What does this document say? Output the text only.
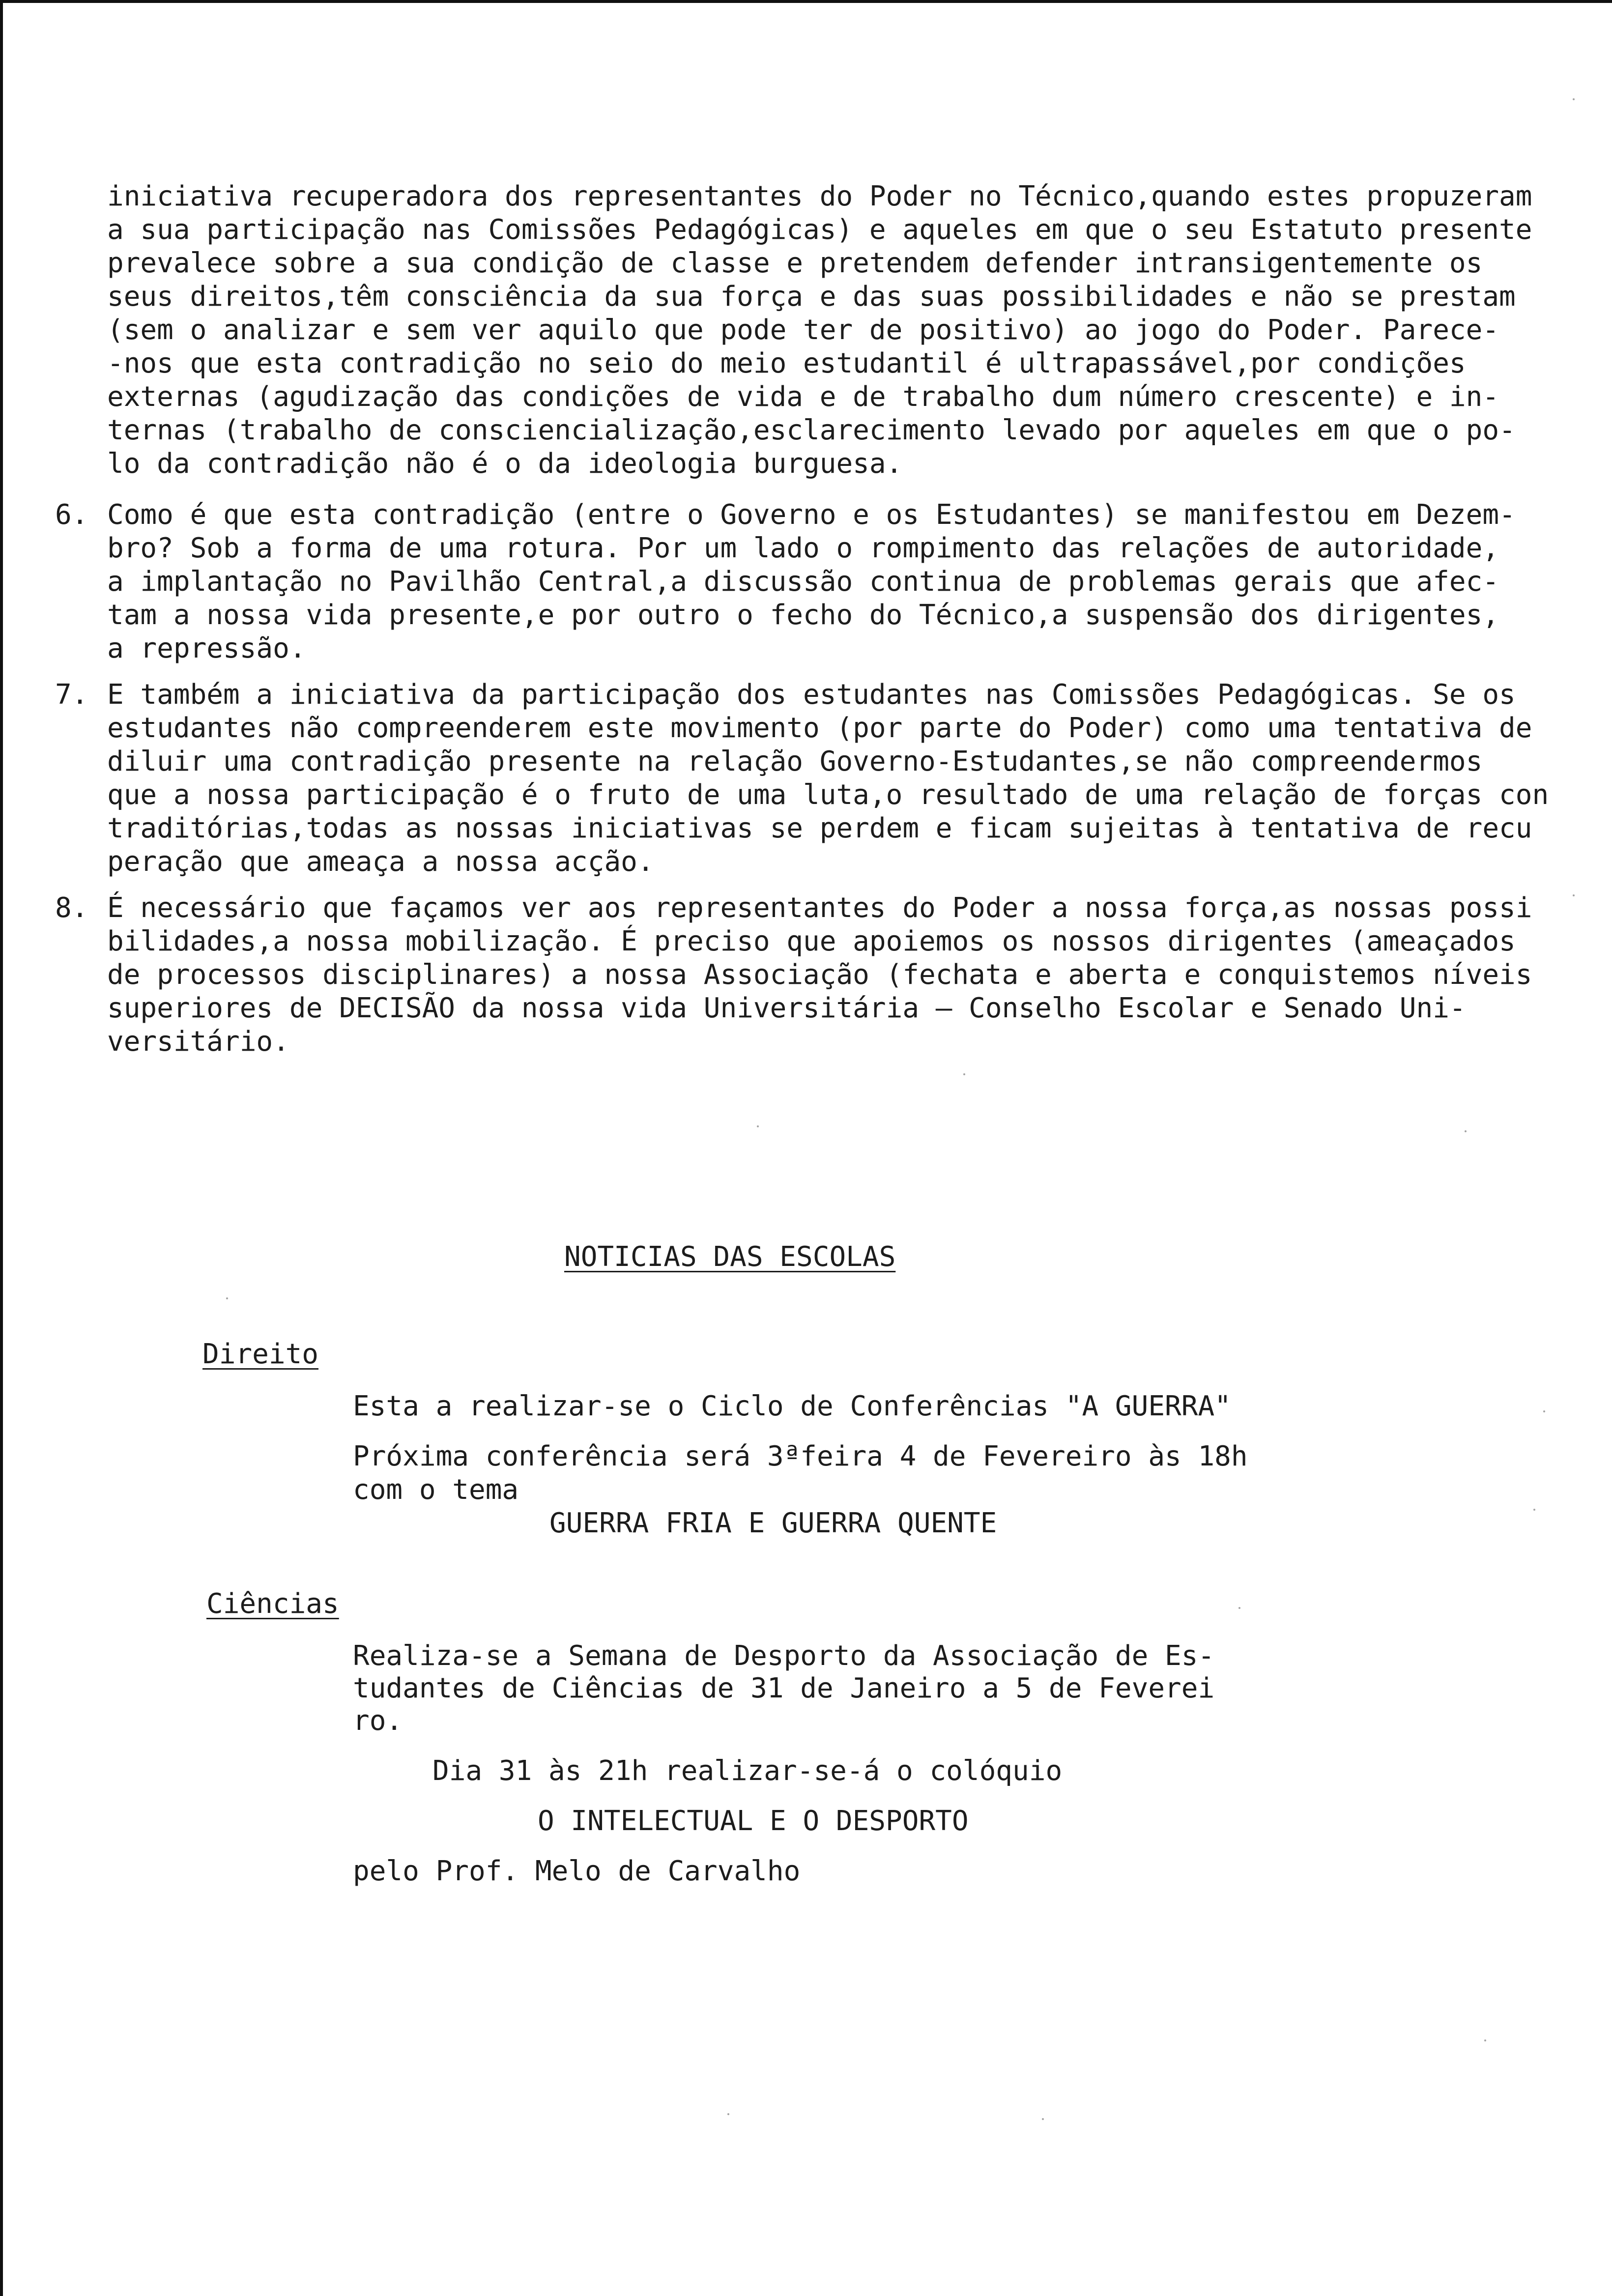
iniciativa recuperadora dos representantes do Poder no Técnico,quando estes propuzeram
a sua participação nas Comissões Pedagógicas) e aqueles em que o seu Estatuto presente
prevalece sobre a sua condição de classe e pretendem defender intransigentemente os
seus direitos,têm consciência da sua força e das suas possibilidades e não se prestam
(sem o analizar e sem ver aquilo que pode ter de positivo) ao jogo do Poder. Parece-
-nos que esta contradição no seio do meio estudantil é ultrapassável,por condições
externas (agudização das condições de vida e de trabalho dum número crescente) e in-
ternas (trabalho de consciencialização,esclarecimento levado por aqueles em que o po-
lo da contradição não é o da ideologia burguesa.
6. Como é que esta contradição (entre o Governo e os Estudantes) se manifestou em Dezem-
bro? Sob a forma de uma rotura. Por um lado o rompimento das relações de autoridade,
a implantação no Pavilhão Central,a discussão continua de problemas gerais que afec-
tam a nossa vida presente,e por outro o fecho do Técnico,a suspensão dos dirigentes,
a repressão.
7. E também a iniciativa da participação dos estudantes nas Comissões Pedagógicas. Se os
estudantes não compreenderem este movimento (por parte do Poder) como uma tentativa de
diluir uma contradição presente na relação Governo-Estudantes,se não compreendermos
que a nossa participação é o fruto de uma luta,o resultado de uma relação de forças con
traditórias,todas as nossas iniciativas se perdem e ficam sujeitas à tentativa de recu
peração que ameaça a nossa acção.
8. É necessário que façamos ver aos representantes do Poder a nossa força,as nossas possi
bilidades,a nossa mobilização. É preciso que apoiemos os nossos dirigentes (ameaçados
de processos disciplinares) a nossa Associação (fechata e aberta e conquistemos níveis
superiores de DECISÃO da nossa vida Universitária — Conselho Escolar e Senado Uni-
versitário.
NOTICIAS DAS ESCOLAS
Direito
Esta a realizar-se o Ciclo de Conferências "A GUERRA"
Próxima conferência será 3ªfeira 4 de Fevereiro às 18h
com o tema
GUERRA FRIA E GUERRA QUENTE
Ciências
Realiza-se a Semana de Desporto da Associação de Es-
tudantes de Ciências de 31 de Janeiro a 5 de Feverei
ro.
Dia 31 às 21h realizar-se-á o colóquio
O INTELECTUAL E O DESPORTO
pelo Prof. Melo de Carvalho
